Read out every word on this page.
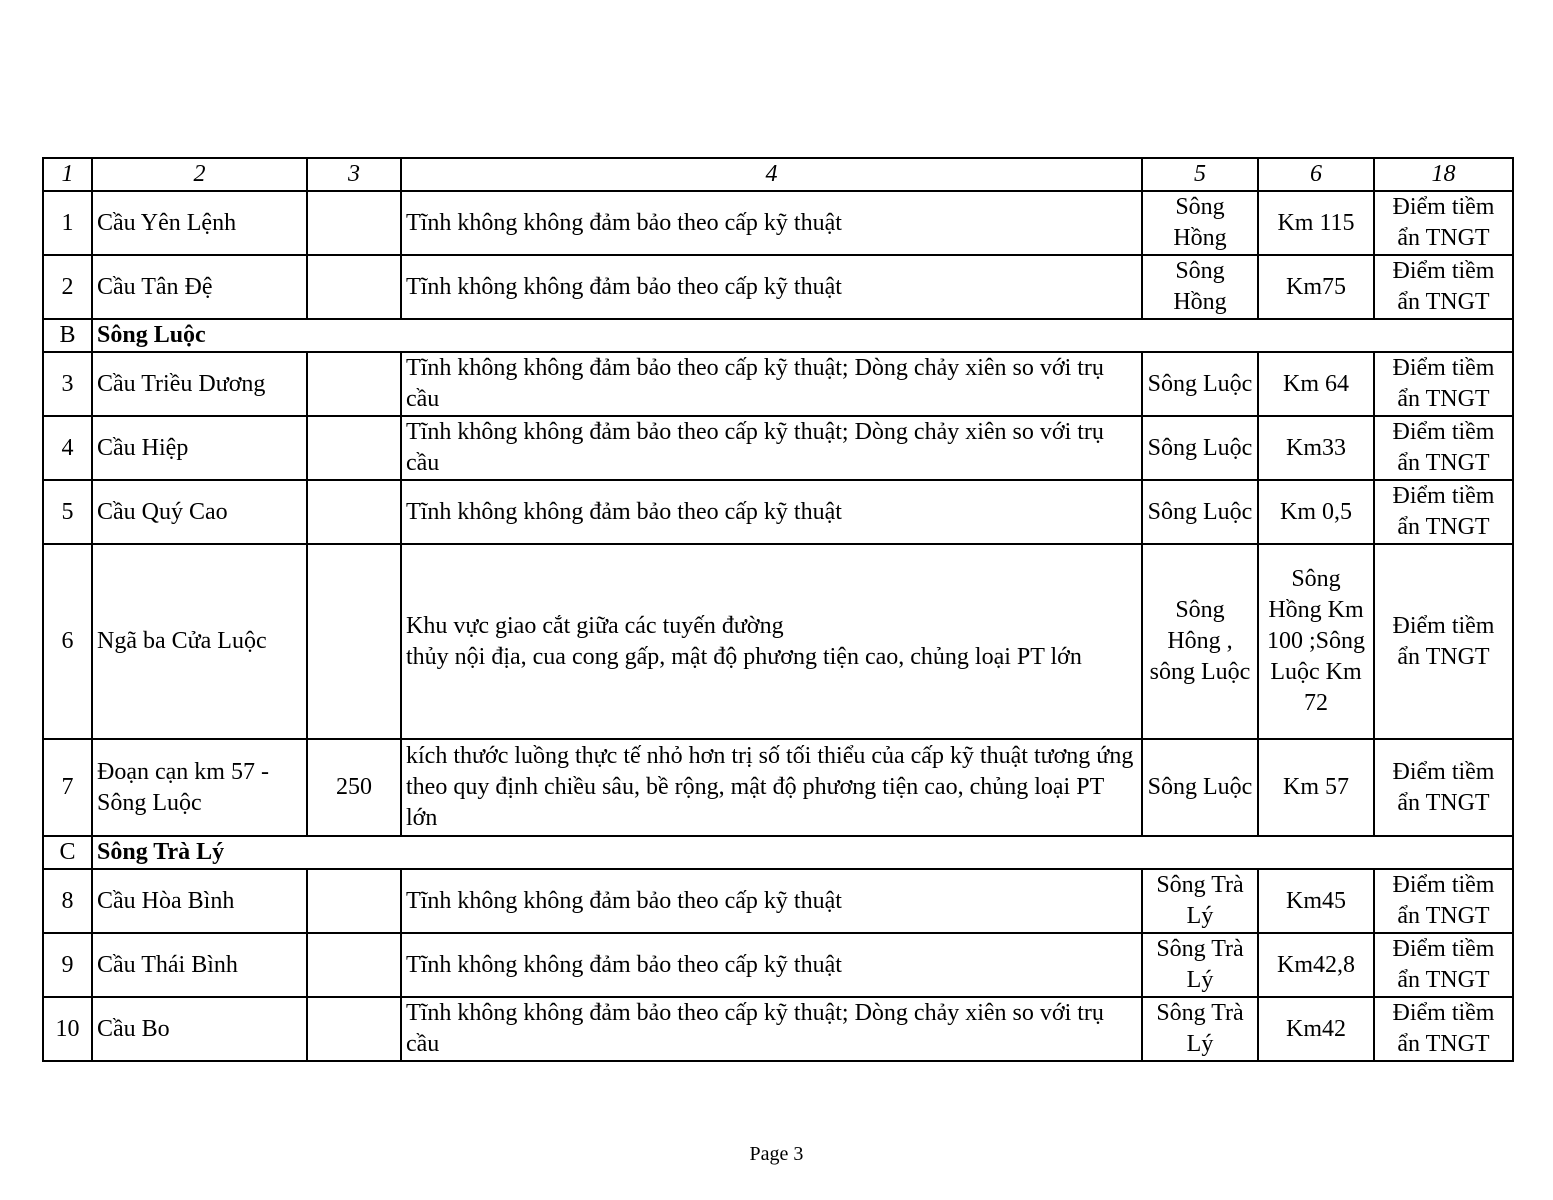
1	2	3	4	5	6	18
1	Cầu Yên Lệnh		Tĩnh không không đảm bảo theo cấp kỹ thuật	Sông Hồng	Km 115	Điểm tiềm ẩn TNGT
2	Cầu Tân Đệ		Tĩnh không không đảm bảo theo cấp kỹ thuật	Sông Hồng	Km75	Điểm tiềm ẩn TNGT
B	Sông Luộc					
3	Cầu Triều Dương		Tĩnh không không đảm bảo theo cấp kỹ thuật; Dòng chảy xiên so với trụ cầu	Sông Luộc	Km 64	Điểm tiềm ẩn TNGT
4	Cầu Hiệp		Tĩnh không không đảm bảo theo cấp kỹ thuật; Dòng chảy xiên so với trụ cầu	Sông Luộc	Km33	Điểm tiềm ẩn TNGT
5	Cầu Quý Cao		Tĩnh không không đảm bảo theo cấp kỹ thuật	Sông Luộc	Km 0,5	Điểm tiềm ẩn TNGT
6	Ngã ba Cửa Luộc		Khu vực giao cắt giữa các tuyến đường
thủy nội địa, cua cong gấp, mật độ phương tiện cao, chủng loại PT lớn	Sông Hông , sông Luộc	Sông Hồng Km 100 ;Sông Luộc Km 72	Điểm tiềm ẩn TNGT
7	Đoạn cạn km 57 - Sông Luộc	250	kích thước luồng thực tế nhỏ hơn trị số tối thiểu của cấp kỹ thuật tương ứng theo quy định chiều sâu, bề rộng, mật độ phương tiện cao, chủng loại PT lớn	Sông Luộc	Km 57	Điểm tiềm ẩn TNGT
C	Sông Trà Lý					
8	Cầu Hòa Bình		Tĩnh không không đảm bảo theo cấp kỹ thuật	Sông Trà Lý	Km45	Điểm tiềm ẩn TNGT
9	Cầu Thái Bình		Tĩnh không không đảm bảo theo cấp kỹ thuật	Sông Trà Lý	Km42,8	Điểm tiềm ẩn TNGT
10	Cầu Bo		Tĩnh không không đảm bảo theo cấp kỹ thuật; Dòng chảy xiên so với trụ cầu	Sông Trà Lý	Km42	Điểm tiềm ẩn TNGT
Page 3
